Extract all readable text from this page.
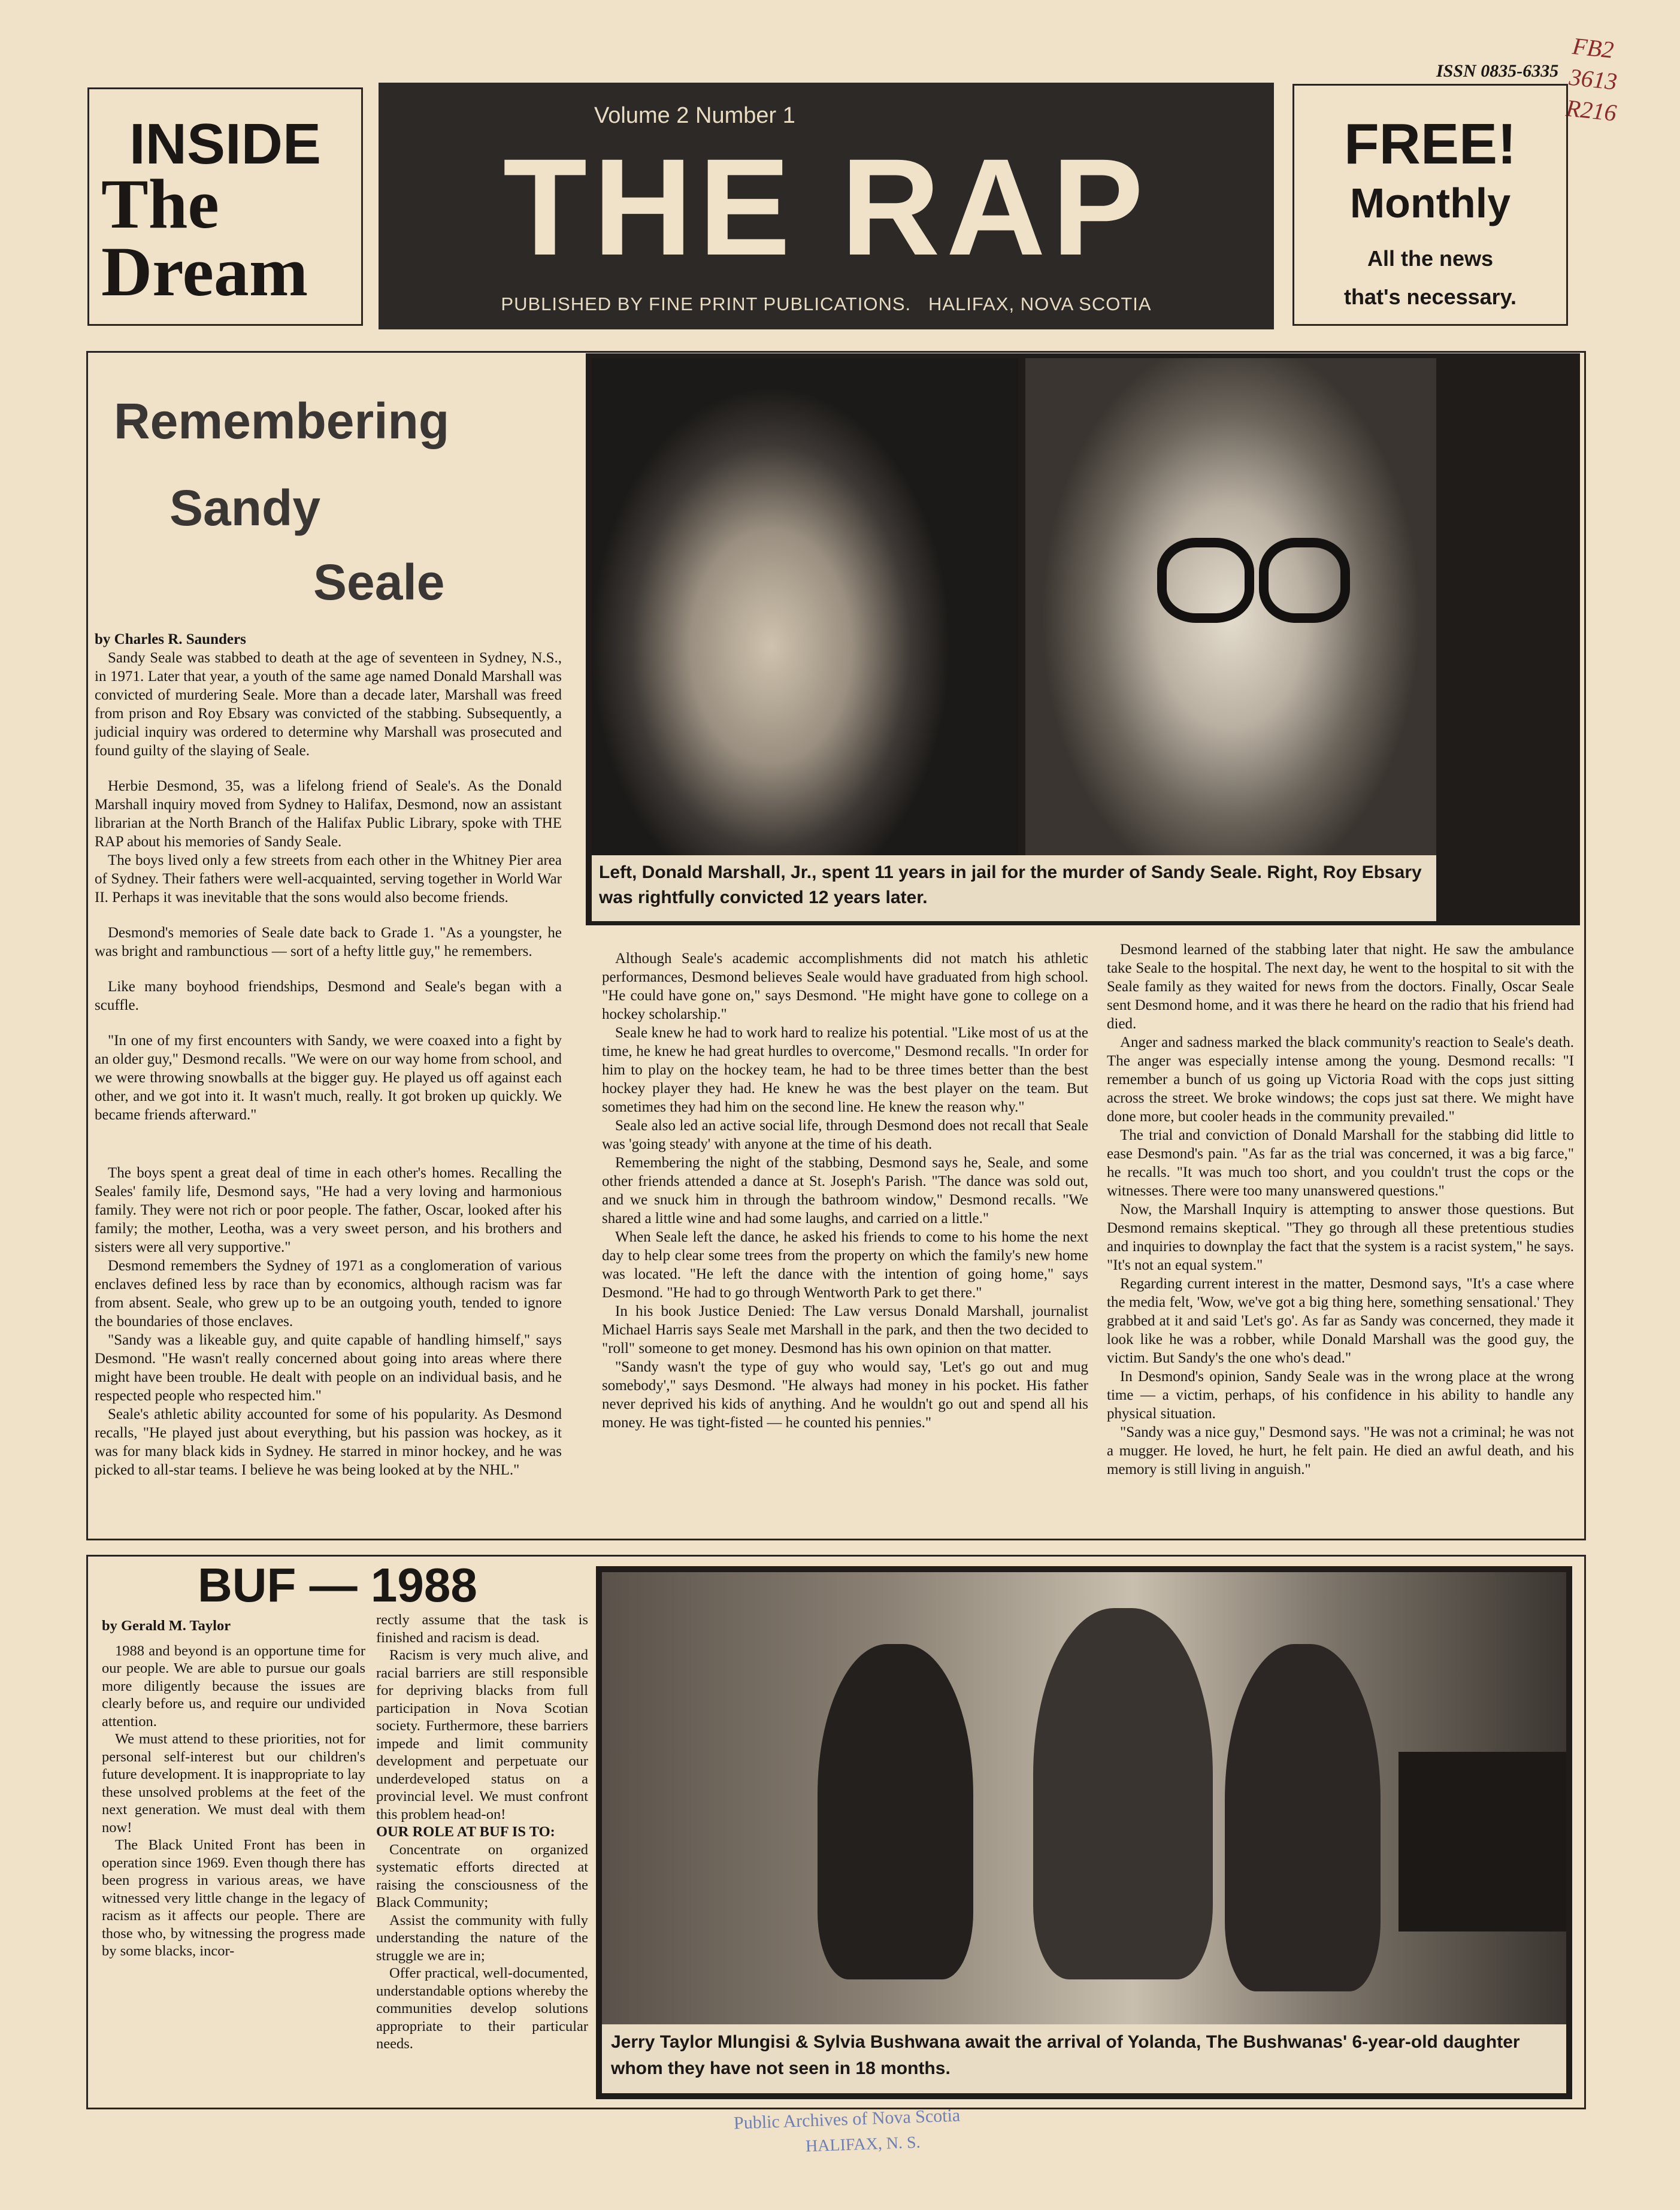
ISSN 0835-6335
FB2
3613
R216
INSIDE
The
Dream
Volume 2 Number 1
THE RAP
PUBLISHED BY FINE PRINT PUBLICATIONS.   HALIFAX, NOVA SCOTIA
FREE!
Monthly
All the news
that's necessary.
Remembering
Sandy
Seale

by Charles R. Saunders

Sandy Seale was stabbed to death at the age of seventeen in Sydney, N.S., in 1971. Later that year, a youth of the same age named Donald Marshall was convicted of murdering Seale. More than a decade later, Marshall was freed from prison and Roy Ebsary was convicted of the stabbing. Subsequently, a judicial inquiry was ordered to determine why Marshall was prosecuted and found guilty of the slaying of Seale.

Herbie Desmond, 35, was a lifelong friend of Seale's. As the Donald Marshall inquiry moved from Sydney to Halifax, Desmond, now an assistant librarian at the North Branch of the Halifax Public Library, spoke with THE RAP about his memories of Sandy Seale.

The boys lived only a few streets from each other in the Whitney Pier area of Sydney. Their fathers were well-acquainted, serving together in World War II. Perhaps it was inevitable that the sons would also become friends.

Desmond's memories of Seale date back to Grade 1. "As a youngster, he was bright and rambunctious — sort of a hefty little guy," he remembers.

Like many boyhood friendships, Desmond and Seale's began with a scuffle.

"In one of my first encounters with Sandy, we were coaxed into a fight by an older guy," Desmond recalls. "We were on our way home from school, and we were throwing snowballs at the bigger guy. He played us off against each other, and we got into it. It wasn't much, really. It got broken up quickly. We became friends afterward."

The boys spent a great deal of time in each other's homes. Recalling the Seales' family life, Desmond says, "He had a very loving and harmonious family. They were not rich or poor people. The father, Oscar, looked after his family; the mother, Leotha, was a very sweet person, and his brothers and sisters were all very supportive."

Desmond remembers the Sydney of 1971 as a conglomeration of various enclaves defined less by race than by economics, although racism was far from absent. Seale, who grew up to be an outgoing youth, tended to ignore the boundaries of those enclaves.

"Sandy was a likeable guy, and quite capable of handling himself," says Desmond. "He wasn't really concerned about going into areas where there might have been trouble. He dealt with people on an individual basis, and he respected people who respected him."

Seale's athletic ability accounted for some of his popularity. As Desmond recalls, "He played just about everything, but his passion was hockey, as it was for many black kids in Sydney. He starred in minor hockey, and he was picked to all-star teams. I believe he was being looked at by the NHL."

Left, Donald Marshall, Jr., spent 11 years in jail for the murder of Sandy Seale. Right, Roy Ebsary was rightfully convicted 12 years later.

Although Seale's academic accomplishments did not match his athletic performances, Desmond believes Seale would have graduated from high school. "He could have gone on," says Desmond. "He might have gone to college on a hockey scholarship."

Seale knew he had to work hard to realize his potential. "Like most of us at the time, he knew he had great hurdles to overcome," Desmond recalls. "In order for him to play on the hockey team, he had to be three times better than the best hockey player they had. He knew he was the best player on the team. But sometimes they had him on the second line. He knew the reason why."

Seale also led an active social life, through Desmond does not recall that Seale was 'going steady' with anyone at the time of his death.

Remembering the night of the stabbing, Desmond says he, Seale, and some other friends attended a dance at St. Joseph's Parish. "The dance was sold out, and we snuck him in through the bathroom window," Desmond recalls. "We shared a little wine and had some laughs, and carried on a little."

When Seale left the dance, he asked his friends to come to his home the next day to help clear some trees from the property on which the family's new home was located. "He left the dance with the intention of going home," says Desmond. "He had to go through Wentworth Park to get there."

In his book Justice Denied: The Law versus Donald Marshall, journalist Michael Harris says Seale met Marshall in the park, and then the two decided to "roll" someone to get money. Desmond has his own opinion on that matter.

"Sandy wasn't the type of guy who would say, 'Let's go out and mug somebody'," says Desmond. "He always had money in his pocket. His father never deprived his kids of anything. And he wouldn't go out and spend all his money. He was tight-fisted — he counted his pennies."

Desmond learned of the stabbing later that night. He saw the ambulance take Seale to the hospital. The next day, he went to the hospital to sit with the Seale family as they waited for news from the doctors. Finally, Oscar Seale sent Desmond home, and it was there he heard on the radio that his friend had died.

Anger and sadness marked the black community's reaction to Seale's death. The anger was especially intense among the young. Desmond recalls: "I remember a bunch of us going up Victoria Road with the cops just sitting across the street. We broke windows; the cops just sat there. We might have done more, but cooler heads in the community prevailed."

The trial and conviction of Donald Marshall for the stabbing did little to ease Desmond's pain. "As far as the trial was concerned, it was a big farce," he recalls. "It was much too short, and you couldn't trust the cops or the witnesses. There were too many unanswered questions."

Now, the Marshall Inquiry is attempting to answer those questions. But Desmond remains skeptical. "They go through all these pretentious studies and inquiries to downplay the fact that the system is a racist system," he says. "It's not an equal system."

Regarding current interest in the matter, Desmond says, "It's a case where the media felt, 'Wow, we've got a big thing here, something sensational.' They grabbed at it and said 'Let's go'. As far as Sandy was concerned, they made it look like he was a robber, while Donald Marshall was the good guy, the victim. But Sandy's the one who's dead."

In Desmond's opinion, Sandy Seale was in the wrong place at the wrong time — a victim, perhaps, of his confidence in his ability to handle any physical situation.

"Sandy was a nice guy," Desmond says. "He was not a criminal; he was not a mugger. He loved, he hurt, he felt pain. He died an awful death, and his memory is still living in anguish."

BUF — 1988

by Gerald M. Taylor

1988 and beyond is an opportune time for our people. We are able to pursue our goals more diligently because the issues are clearly before us, and require our undivided attention.

We must attend to these priorities, not for personal self-interest but our children's future development. It is inappropriate to lay these unsolved problems at the feet of the next generation. We must deal with them now!

The Black United Front has been in operation since 1969. Even though there has been progress in various areas, we have witnessed very little change in the legacy of racism as it affects our people. There are those who, by witnessing the progress made by some blacks, incor-

rectly assume that the task is finished and racism is dead.

Racism is very much alive, and racial barriers are still responsible for depriving blacks from full participation in Nova Scotian society. Furthermore, these barriers impede and limit community development and perpetuate our underdeveloped status on a provincial level. We must confront this problem head-on!

OUR ROLE AT BUF IS TO:

Concentrate on organized systematic efforts directed at raising the consciousness of the Black Community;

Assist the community with fully understanding the nature of the struggle we are in;

Offer practical, well-documented, understandable options whereby the communities develop solutions appropriate to their particular needs.	Jerry Taylor Mlungisi & Sylvia Bushwana await the arrival of Yolanda, The Bushwanas' 6-year-old daughter whom they have not seen in 18 months.
Public Archives of Nova Scotia
HALIFAX, N. S.
